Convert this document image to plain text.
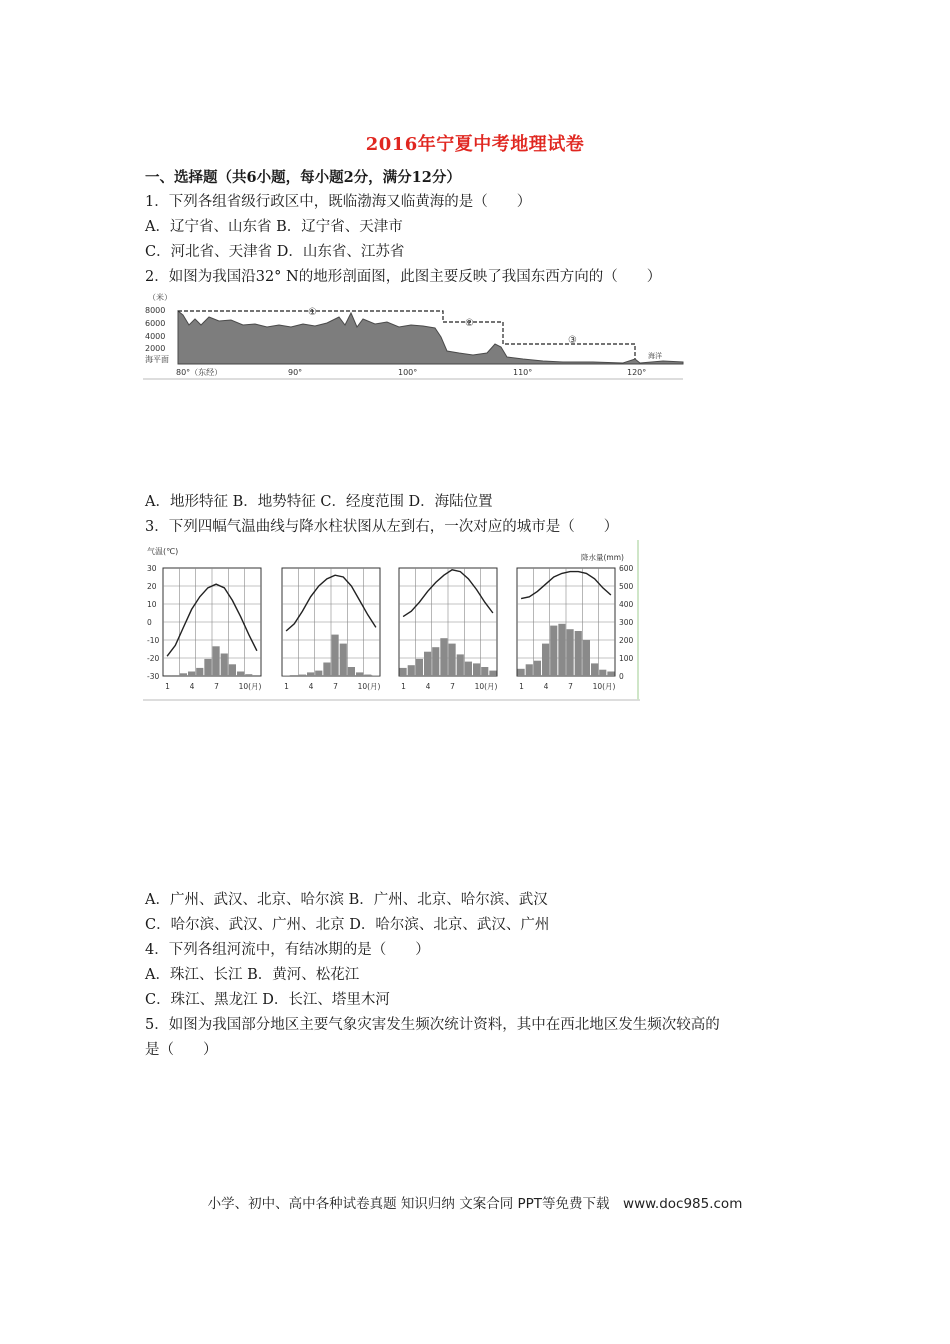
2016年宁夏中考地理试卷
一、选择题（共6小题，每小题2分，满分12分）
1．下列各组省级行政区中，既临渤海又临黄海的是（　　）
A．辽宁省、山东省 B．辽宁省、天津市
C．河北省、天津省 D．山东省、江苏省
2．如图为我国沿32° N的地形剖面图，此图主要反映了我国东西方向的（　　）
（米）
8000
6000
4000
2000
海平面
①
②
③
海洋
80°（东经）	90°	100°	110°	120°
A．地形特征 B．地势特征 C．经度范围 D．海陆位置
3．下列四幅气温曲线与降水柱状图从左到右，一次对应的城市是（　　）
气温(℃)
降水量(mm)
30
20
10
0
-10
-20
-30
600
500
400
300
200
100
0
1	4	7	10(月)	1	4	7	10(月)	1	4	7	10(月)	1	4	7	10(月)
A．广州、武汉、北京、哈尔滨 B．广州、北京、哈尔滨、武汉
C．哈尔滨、武汉、广州、北京 D．哈尔滨、北京、武汉、广州
4．下列各组河流中，有结冰期的是（　　）
A．珠江、长江 B．黄河、松花江
C．珠江、黑龙江 D．长江、塔里木河
5．如图为我国部分地区主要气象灾害发生频次统计资料，其中在西北地区发生频次较高的
是（　　）
小学、初中、高中各种试卷真题 知识归纳 文案合同 PPT等免费下载　www.doc985.com
